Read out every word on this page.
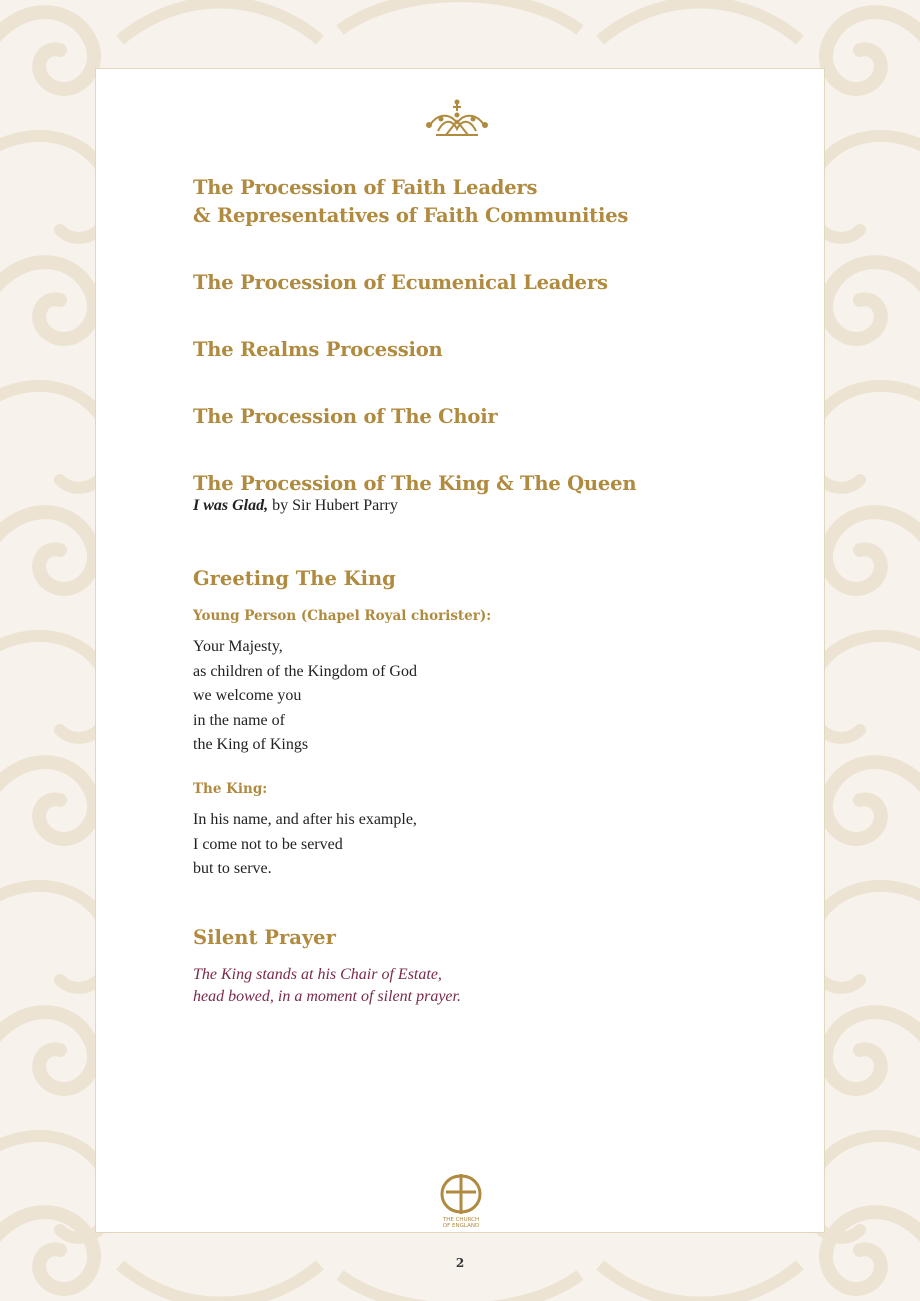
The Procession of Faith Leaders
& Representatives of Faith Communities
The Procession of Ecumenical Leaders
The Realms Procession
The Procession of The Choir
The Procession of The King & The Queen
I was Glad, by Sir Hubert Parry
Greeting The King
Young Person (Chapel Royal chorister):
Your Majesty,
as children of the Kingdom of God
we welcome you
in the name of
the King of Kings
The King:
In his name, and after his example,
I come not to be served
but to serve.
Silent Prayer
The King stands at his Chair of Estate,
head bowed, in a moment of silent prayer.
THE CHURCH
OF ENGLAND
2
